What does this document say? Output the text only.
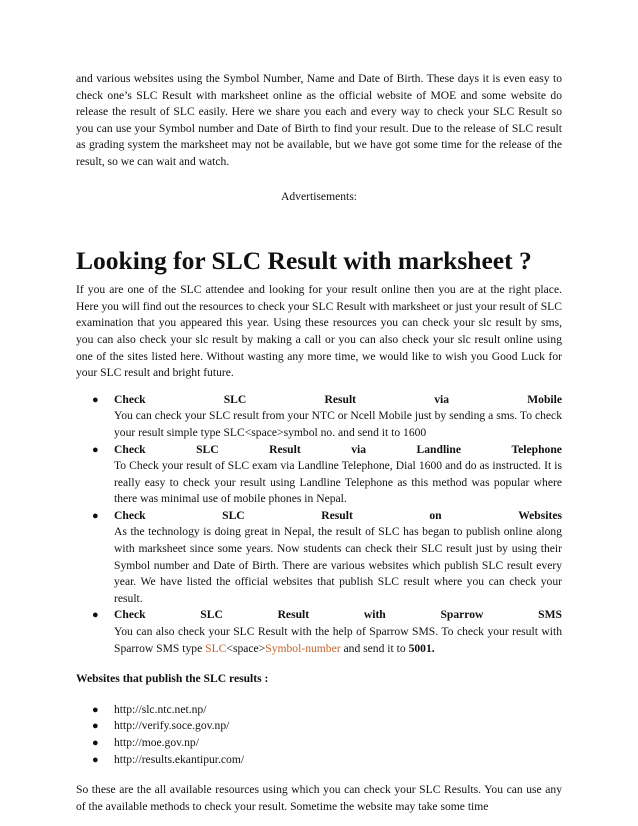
and various websites using the Symbol Number, Name and Date of Birth. These days it is even easy to check one’s SLC Result with marksheet online as the official website of MOE and some website do release the result of SLC easily. Here we share you each and every way to check your SLC Result so you can use your Symbol number and Date of Birth to find your result. Due to the release of SLC result as grading system the marksheet may not be available, but we have got some time for the release of the result, so we can wait and watch.

Advertisements:

Looking for SLC Result with marksheet ?

If you are one of the SLC attendee and looking for your result online then you are at the right place. Here you will find out the resources to check your SLC Result with marksheet or just your result of SLC examination that you appeared this year. Using these resources you can check your slc result by sms, you can also check your slc result by making a call or you can also check your slc result online using one of the sites listed here. Without wasting any more time, we would like to wish you Good Luck for your SLC result and bright future.

● Check	SLC	Result	via	Mobile
You can check your SLC result from your NTC or Ncell Mobile just by sending a sms. To check your result simple type SLC<space>symbol no. and send it to 1600
● Check	SLC	Result	via	Landline	Telephone
To Check your result of SLC exam via Landline Telephone, Dial 1600 and do as instructed. It is really easy to check your result using Landline Telephone as this method was popular where there was minimal use of mobile phones in Nepal.
● Check	SLC	Result	on	Websites
As the technology is doing great in Nepal, the result of SLC has began to publish online along with marksheet since some years. Now students can check their SLC result just by using their Symbol number and Date of Birth. There are various websites which publish SLC result every year. We have listed the official websites that publish SLC result where you can check your result.
● Check	SLC	Result	with	Sparrow	SMS
You can also check your SLC Result with the help of Sparrow SMS. To check your result with Sparrow SMS type SLC<space>Symbol-number and send it to 5001.

Websites that publish the SLC results :

● http://slc.ntc.net.np/
● http://verify.soce.gov.np/
● http://moe.gov.np/
● http://results.ekantipur.com/

So these are the all available resources using which you can check your SLC Results. You can use any of the available methods to check your result. Sometime the website may take some time
